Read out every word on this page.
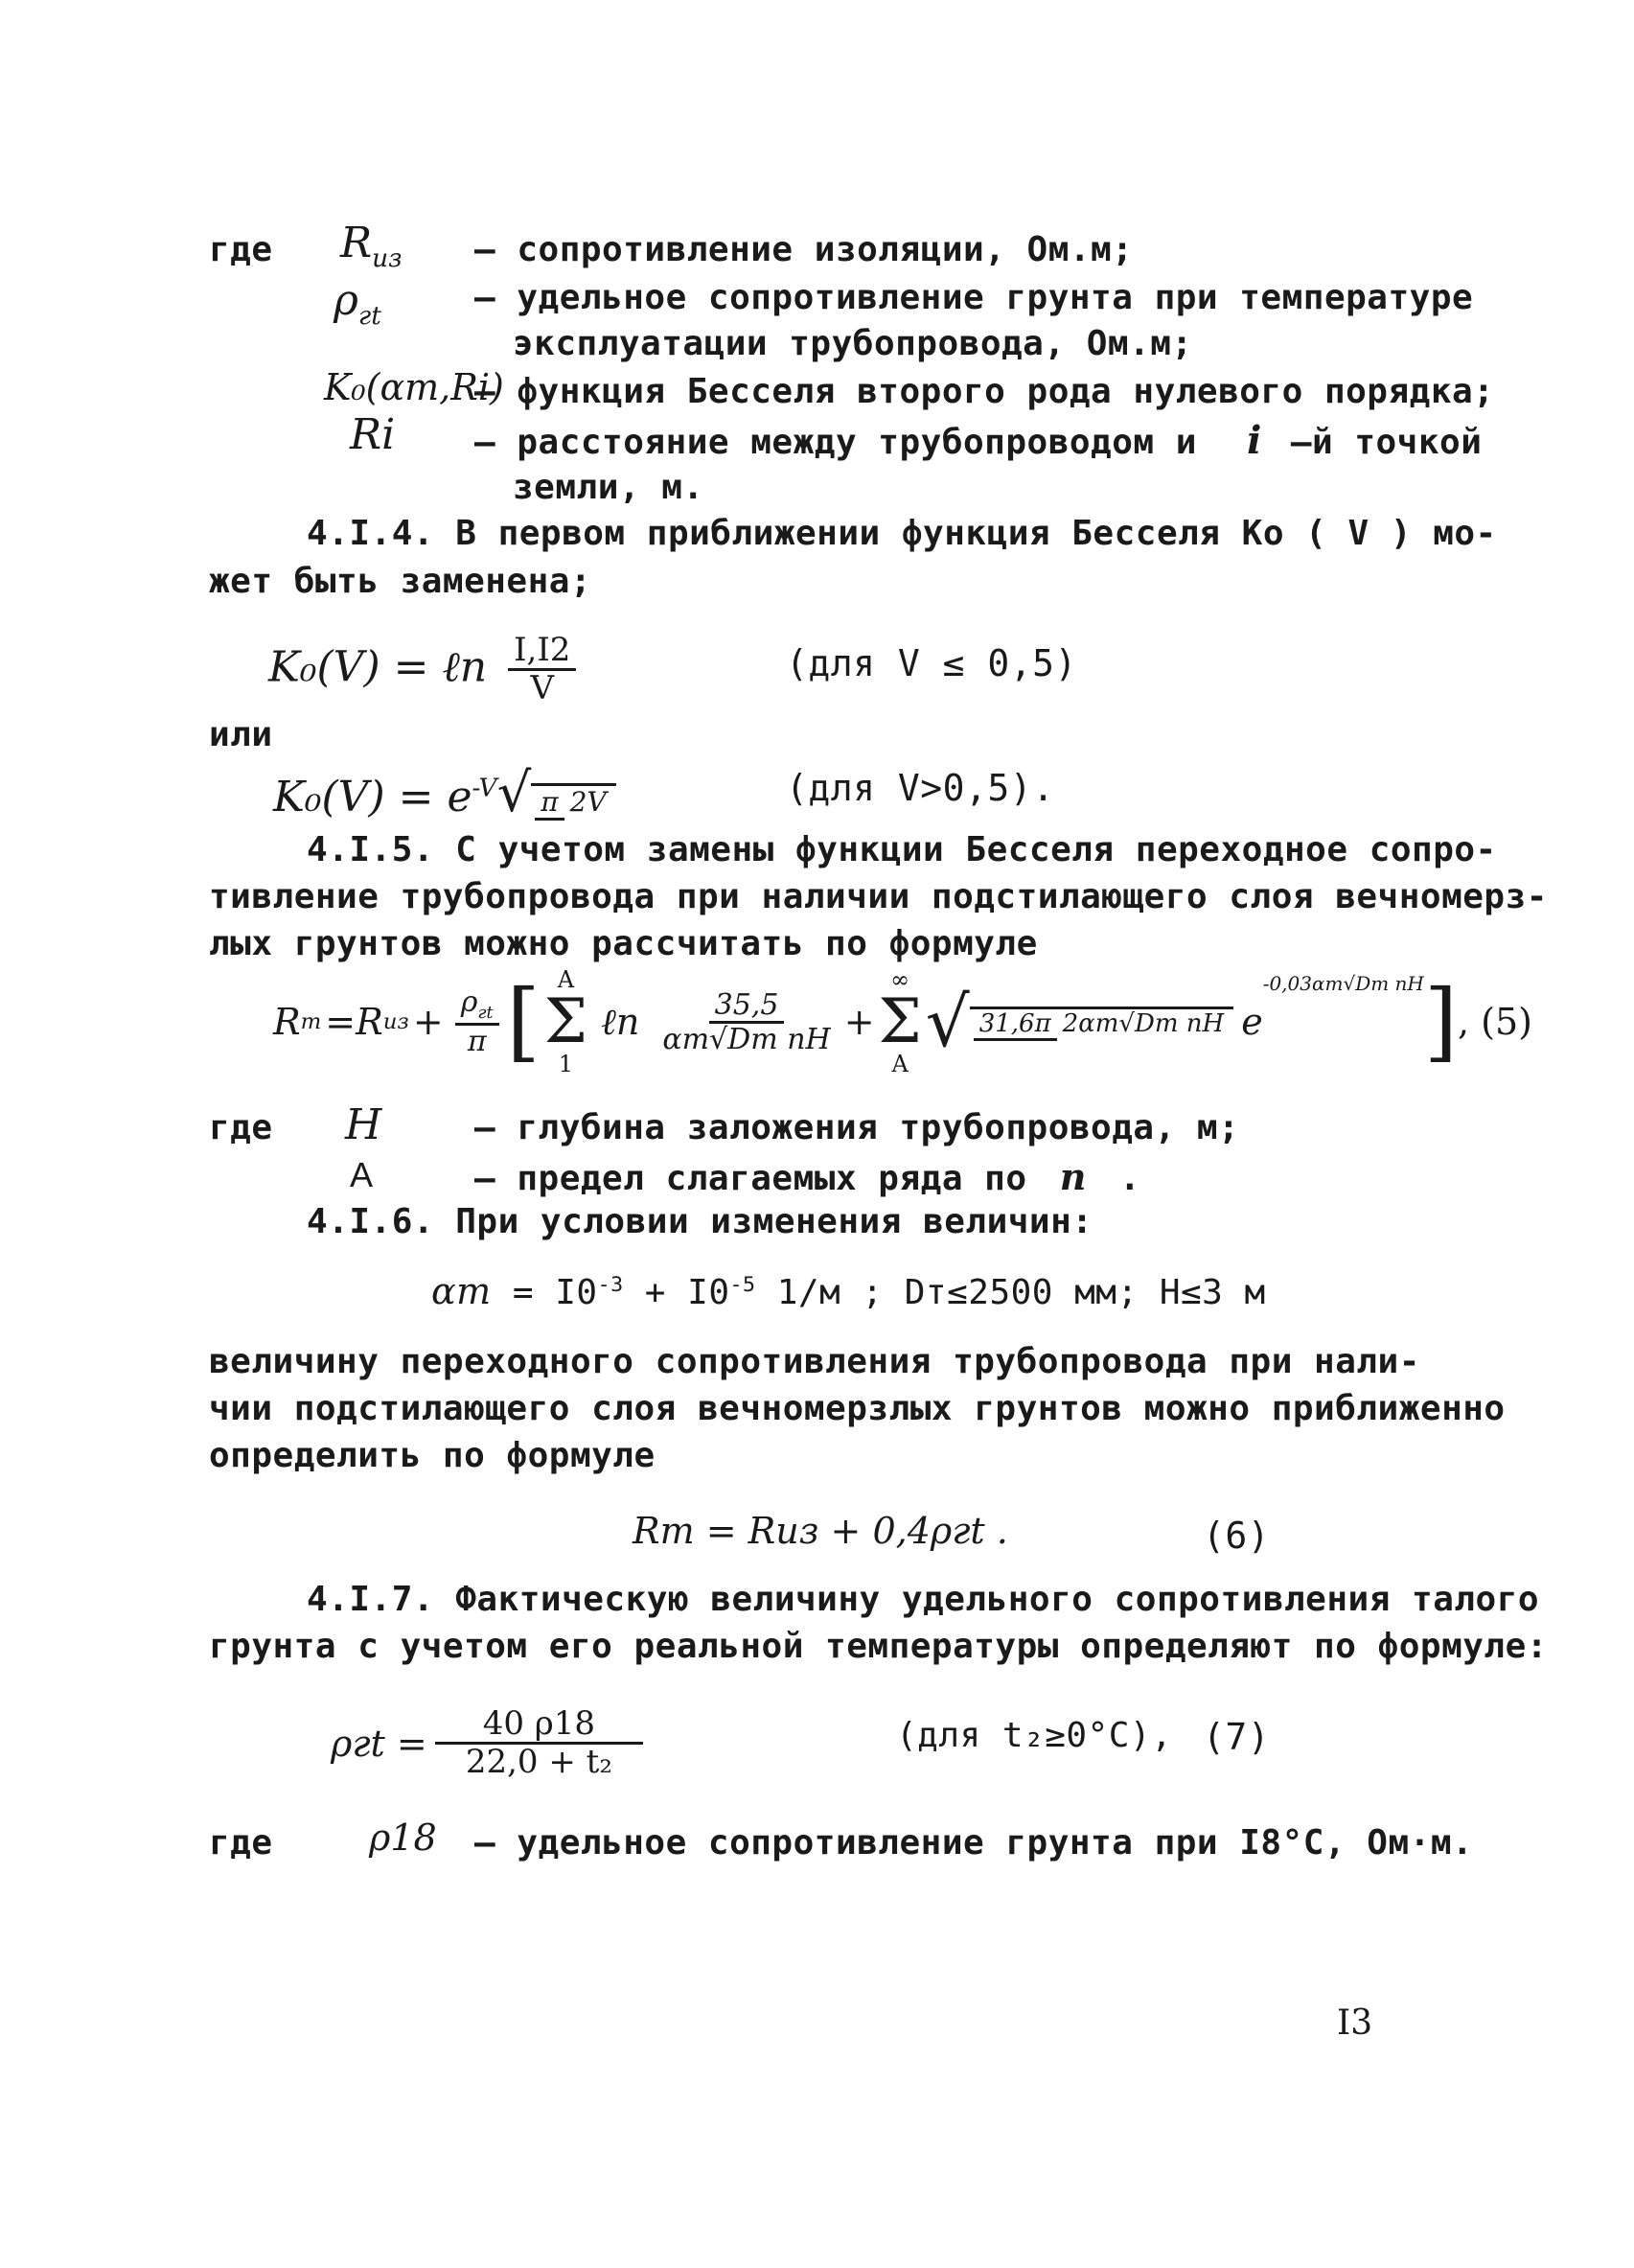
где $R_{из}$ – сопротивление изоляции, Ом.м;
$\rho_{гt}$	– удельное сопротивление грунта при температуре
эксплуатации трубопровода, Ом.м;
K₀(αт,Ri)
– функция Бесселя второго рода нулевого порядка;
Ri – расстояние между трубопроводом и i –й точкой
земли, м.
4.I.4. В первом приближении функция Бесселя Ко ( V ) мо-
жет быть заменена;
K₀(V) = ℓn $\frac{I,I2}{V}$	(для V ≤ 0,5)
или
$K_0(V) = e^{-V}√$ π 2V	(для V>0,5).
4.I.5. С учетом замены функции Бесселя переходное сопро-
тивление трубопровода при наличии подстилающего слоя вечномерз-
лых грунтов можно рассчитать по формуле
R т = R из + $\frac{\rho_{гt}}{\pi}$ [ A
Σ
1
ℓn $\frac{35,5}{\text{αт√Dт nH}}$ +
∞
Σ
A
√ 31,6π 2αт√Dт nH e
-0,03αт√Dт nH ] , (5)
где H	– глубина заложения трубопровода, м;
A	– предел слагаемых ряда по n .
4.I.6. При условии изменения величин:
$\alpha т = I0^{-3} + I0^{-5}$ 1/м ; Dт≤2500 мм; H≤3 м
величину переходного сопротивления трубопровода при нали-
чии подстилающего слоя вечномерзлых грунтов можно приближенно
определить по формуле
Rт = Rиз + 0,4ρгt .	(6)
4.I.7. Фактическую величину удельного сопротивления талого
грунта с учетом его реальной температуры определяют по формуле:
$\rho гt = \frac{40 \rho 18}{\text{22,0 + t₂}}$	(для t₂≥0°C), (7)
где	ρ18 – удельное сопротивление грунта при I8°C, Ом·м.
I3
